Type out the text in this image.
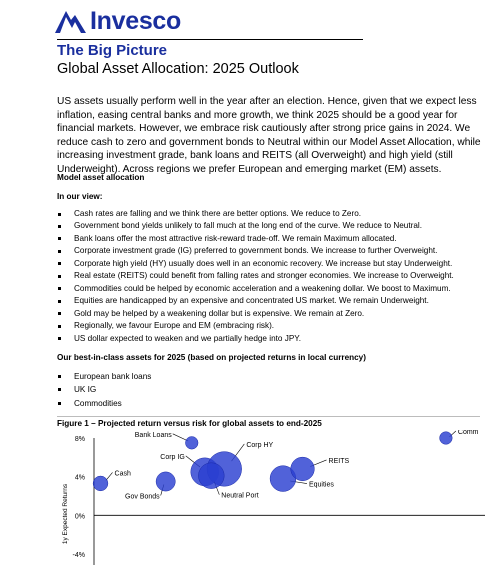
Invesco
The Big Picture
Global Asset Allocation: 2025 Outlook
US assets usually perform well in the year after an election. Hence, given that we expect less inflation, easing central banks and more growth, we think 2025 should be a good year for financial markets. However, we embrace risk cautiously after strong price gains in 2024. We reduce cash to zero and government bonds to Neutral within our Model Asset Allocation, while increasing investment grade, bank loans and REITS (all Overweight) and high yield (still Underweight). Across regions we prefer European and emerging market (EM) assets.
Model asset allocation
In our view:
Cash rates are falling and we think there are better options. We reduce to Zero.
Government bond yields unlikely to fall much at the long end of the curve. We reduce to Neutral.
Bank loans offer the most attractive risk-reward trade-off. We remain Maximum allocated.
Corporate investment grade (IG) preferred to government bonds. We increase to further Overweight.
Corporate high yield (HY) usually does well in an economic recovery. We increase but stay Underweight.
Real estate (REITS) could benefit from falling rates and stronger economies. We increase to Overweight.
Commodities could be helped by economic acceleration and a weakening dollar. We boost to Maximum.
Equities are handicapped by an expensive and concentrated US market. We remain Underweight.
Gold may be helped by a weakening dollar but is expensive. We remain at Zero.
Regionally, we favour Europe and EM (embracing risk).
US dollar expected to weaken and we partially hedge into JPY.
Our best-in-class assets for 2025 (based on projected returns in local currency)
European bank loans
UK IG
Commodities
Figure 1 – Projected return versus risk for global assets to end-2025
8%
4%
0%
-4%
1y Expected Returns
Cash
Gov Bonds
Bank Loans
Corp IG
Corp HY
Neutral Port
Equities
REITS
Comm
